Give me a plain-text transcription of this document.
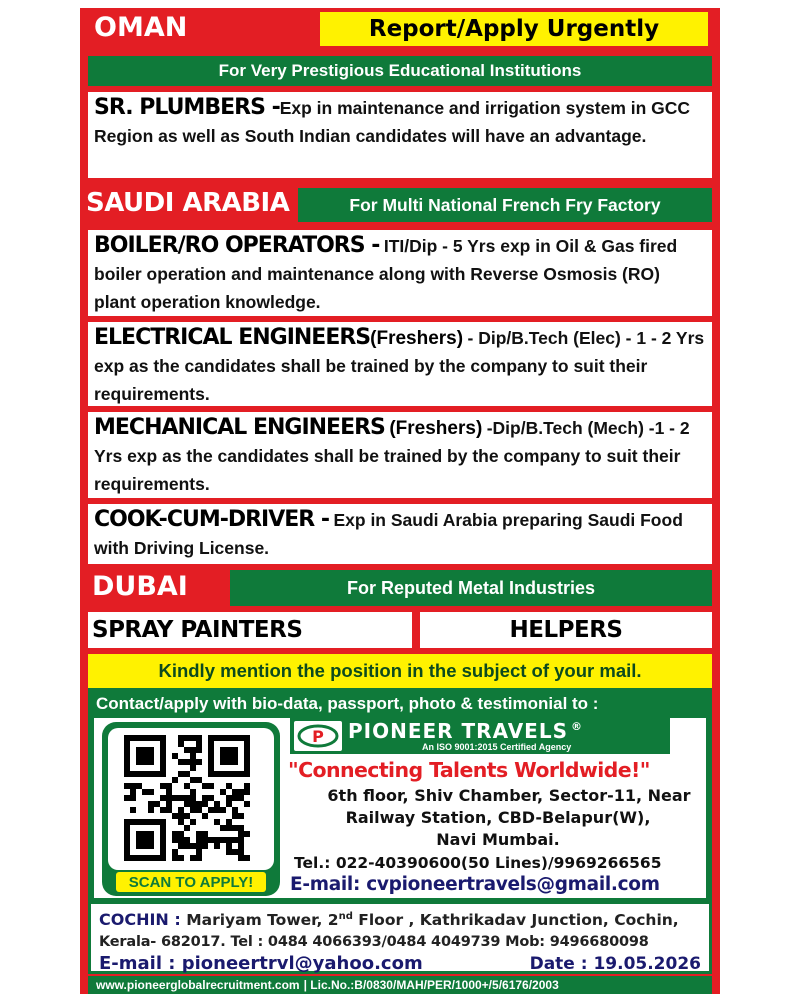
OMAN	Report/Apply Urgently
For Very Prestigious Educational Institutions
SR. PLUMBERS -Exp in maintenance and irrigation system in GCC Region as well as South Indian candidates will have an advantage.
SAUDI ARABIA	For Multi National French Fry Factory
BOILER/RO OPERATORS - ITI/Dip - 5 Yrs exp in Oil & Gas fired boiler operation and maintenance along with Reverse Osmosis (RO) plant operation knowledge.
ELECTRICAL ENGINEERS(Freshers) - Dip/B.Tech (Elec) - 1 - 2 Yrs exp as the candidates shall be trained by the company to suit their requirements.
MECHANICAL ENGINEERS (Freshers) -Dip/B.Tech (Mech) -1 - 2 Yrs exp as the candidates shall be trained by the company to suit their requirements.
COOK-CUM-DRIVER - Exp in Saudi Arabia preparing Saudi Food with Driving License.
DUBAI	For Reputed Metal Industries
SPRAY PAINTERS	HELPERS
Kindly mention the position in the subject of your mail.
Contact/apply with bio-data, passport, photo & testimonial to :
SCAN TO APPLY!
P PIONEER TRAVELS ®
An ISO 9001:2015 Certified Agency
"Connecting Talents Worldwide!"
6th floor, Shiv Chamber, Sector-11, Near
Railway Station, CBD-Belapur(W),
Navi Mumbai.
Tel.: 022-40390600(50 Lines)/9969266565
E-mail: cvpioneertravels@gmail.com
COCHIN : Mariyam Tower, 2nd Floor , Kathrikadav Junction, Cochin,
Kerala- 682017. Tel : 0484 4066393/0484 4049739 Mob: 9496680098
E-mail : pioneertrvl@yahoo.com	Date : 19.05.2026
www.pioneerglobalrecruitment.com | Lic.No.:B/0830/MAH/PER/1000+/5/6176/2003
